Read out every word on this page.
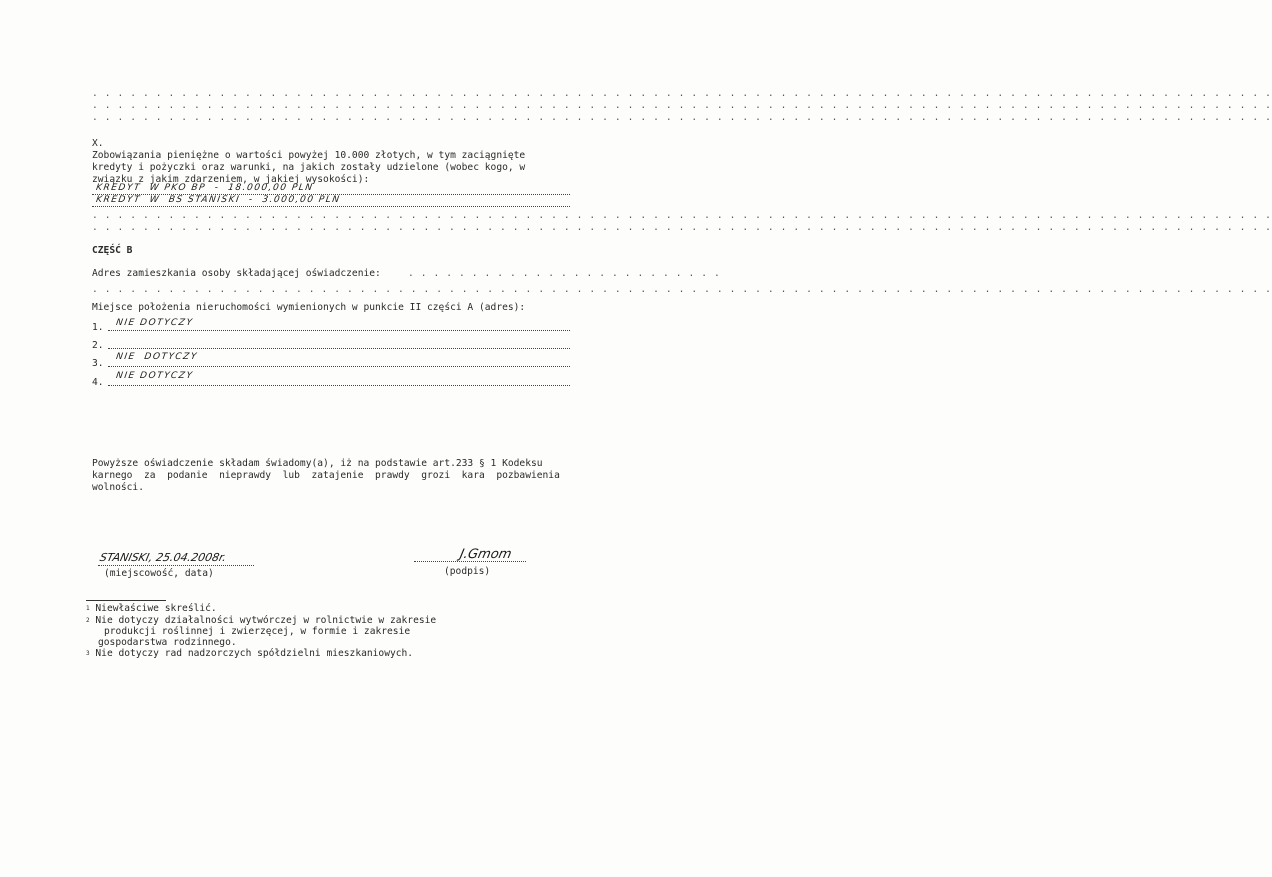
. . . . . . . . . . . . . . . . . . . . . . . . . . . . . . . . . . . . . . . . . . . . . . . . . . . . . . . . . . . . . . . . . . . . . . . . . . . . . . . . . . . . . . . . . . . . .
. . . . . . . . . . . . . . . . . . . . . . . . . . . . . . . . . . . . . . . . . . . . . . . . . . . . . . . . . . . . . . . . . . . . . . . . . . . . . . . . . . . . . . . . . . . . .
. . . . . . . . . . . . . . . . . . . . . . . . . . . . . . . . . . . . . . . . . . . . . . . . . . . . . . . . . . . . . . . . . . . . . . . . . . . . . . . . . . . . . . . . . . . . .
X.
Zobowiązania pieniężne o wartości powyżej 10.000 złotych, w tym zaciągnięte
kredyty i pożyczki oraz warunki, na jakich zostały udzielone (wobec kogo, w
związku z jakim zdarzeniem, w jakiej wysokości):
KREDYT  W PKO BP  -  18.000,00 PLN
KREDYT  W  BS STANISKI  -  3.000,00 PLN
. . . . . . . . . . . . . . . . . . . . . . . . . . . . . . . . . . . . . . . . . . . . . . . . . . . . . . . . . . . . . . . . . . . . . . . . . . . . . . . . . . . . . . . . . . . . .
. . . . . . . . . . . . . . . . . . . . . . . . . . . . . . . . . . . . . . . . . . . . . . . . . . . . . . . . . . . . . . . . . . . . . . . . . . . . . . . . . . . . . . . . . . . . .
CZĘŚĆ B
Adres zamieszkania osoby składającej oświadczenie: . . . . . . . . . . . . . . . . . . . . . . . . .
. . . . . . . . . . . . . . . . . . . . . . . . . . . . . . . . . . . . . . . . . . . . . . . . . . . . . . . . . . . . . . . . . . . . . . . . . . . . . . . . . . . . . . . . . . . . .
Miejsce położenia nieruchomości wymienionych w punkcie II części A (adres):
1. NIE DOTYCZY
2.
3.
NIE  DOTYCZY
4.
NIE DOTYCZY
Powyższe oświadczenie składam świadomy(a), iż na podstawie art.233 § 1 Kodeksu
karnego  za  podanie  nieprawdy  lub  zatajenie  prawdy  grozi  kara  pozbawienia
wolności.
STANISKI, 25.04.2008r.
(miejscowość, data)
J.Gmom
(podpis)
$^1$ Niewłaściwe skreślić.
$^2$ Nie dotyczy działalności wytwórczej w rolnictwie w zakresie
produkcji roślinnej i zwierzęcej, w formie i zakresie
gospodarstwa rodzinnego.
$^3$ Nie dotyczy rad nadzorczych spółdzielni mieszkaniowych.
